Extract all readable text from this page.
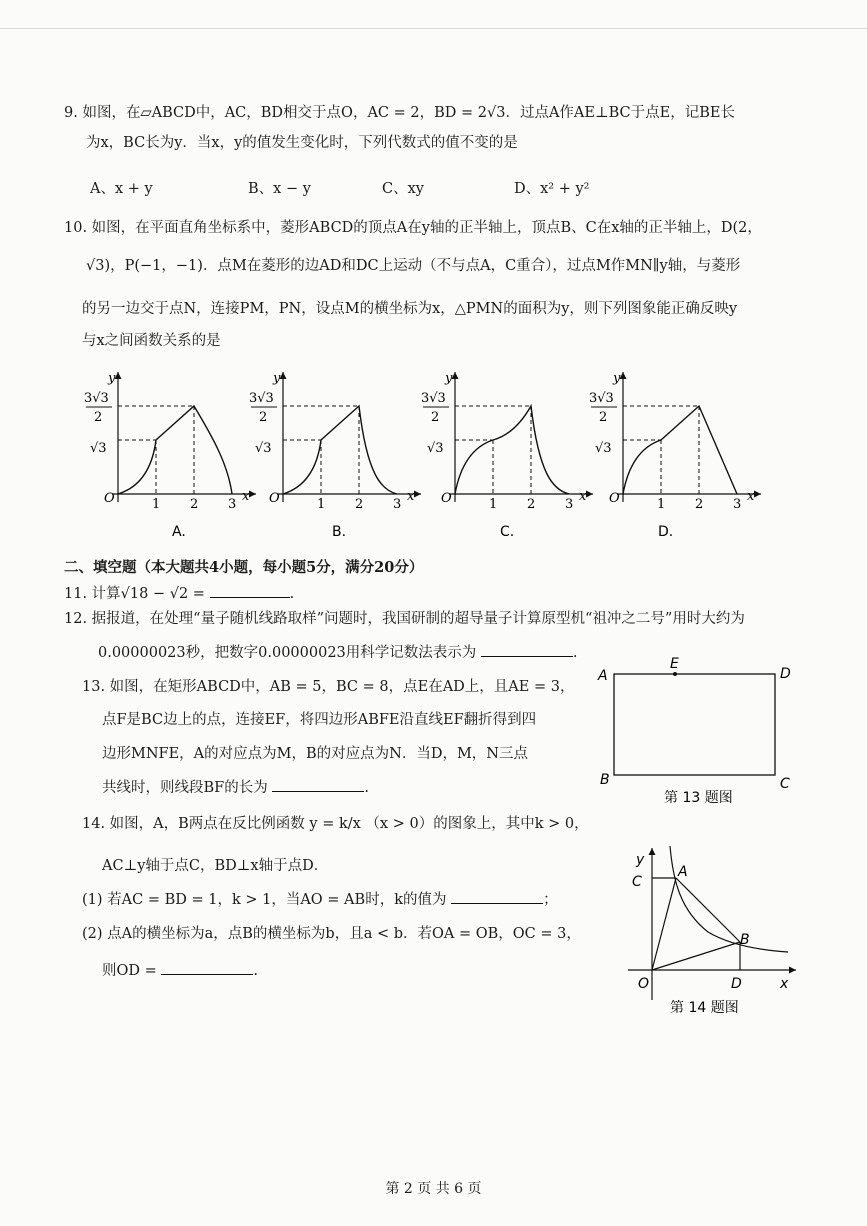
9. 如图，在▱ABCD中，AC，BD相交于点O，AC = 2，BD = 2√3．过点A作AE⊥BC于点E，记BE长
为x，BC长为y．当x，y的值发生变化时，下列代数式的值不变的是
A、x + y	B、x − y	C、xy	D、x² + y²
10. 如图，在平面直角坐标系中，菱形ABCD的顶点A在y轴的正半轴上，顶点B、C在x轴的正半轴上，D(2，
√3)，P(−1，−1)．点M在菱形的边AD和DC上运动（不与点A，C重合），过点M作MN∥y轴，与菱形
的另一边交于点N，连接PM，PN，设点M的横坐标为x，△PMN的面积为y，则下列图象能正确反映y
与x之间函数关系的是
y
x
O	1 2 3
3√3
2
√3
y
x
O	1 2 3
3√3
2
√3
y
x
O	1 2 3
3√3
2
√3
y
x
O	1 2 3
3√3
2
√3
A.	B.	C.	D.
二、填空题（本大题共4小题，每小题5分，满分20分）
11. 计算√18 − √2 =	.
12. 据报道，在处理“量子随机线路取样”问题时，我国研制的超导量子计算原型机“祖冲之二号”用时大约为
0.00000023秒，把数字0.00000023用科学记数法表示为	.
13. 如图，在矩形ABCD中，AB = 5，BC = 8，点E在AD上，且AE = 3，
点F是BC边上的点，连接EF，将四边形ABFE沿直线EF翻折得到四
边形MNFE，A的对应点为M，B的对应点为N．当D，M，N三点
共线时，则线段BF的长为	.
A
E
D
B	C
第 13 题图
14. 如图，A，B两点在反比例函数 y = k/x （x > 0）的图象上，其中k > 0，
AC⊥y轴于点C，BD⊥x轴于点D．
(1) 若AC = BD = 1，k > 1，当AO = AB时，k的值为	；
(2) 点A的横坐标为a，点B的横坐标为b，且a < b．若OA = OB，OC = 3，
则OD =	.
y
x
C
A
B
O	D
第 14 题图
第 2 页 共 6 页
